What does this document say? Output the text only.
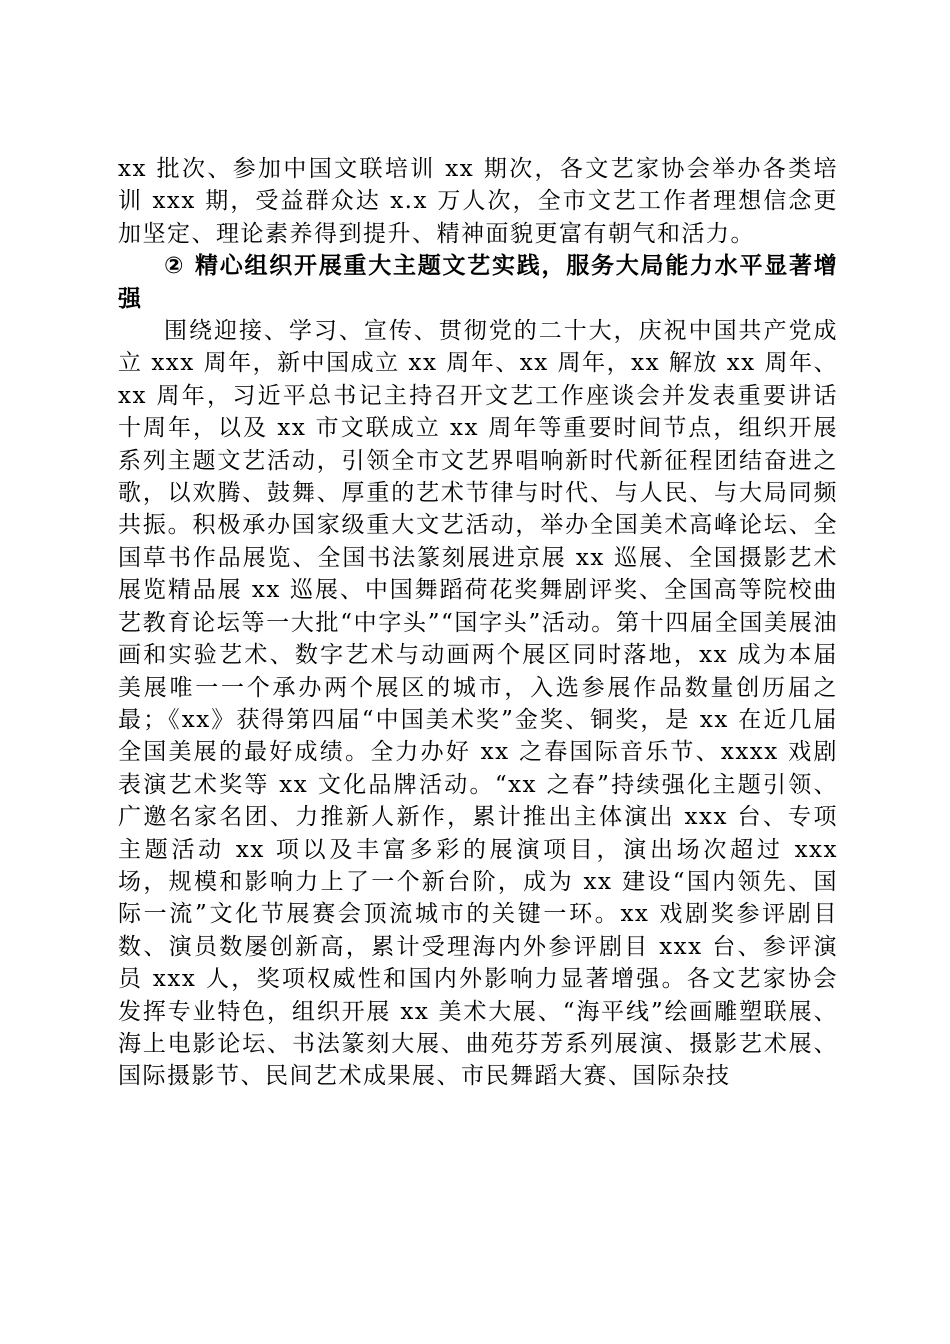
xx 批次、参加中国文联培训 xx 期次，各文艺家协会举办各类培训 xxx 期，受益群众达 x.x 万人次，全市文艺工作者理想信念更加坚定、理论素养得到提升、精神面貌更富有朝气和活力。

② 精心组织开展重大主题文艺实践，服务大局能力水平显著增强

围绕迎接、学习、宣传、贯彻党的二十大，庆祝中国共产党成立 xxx 周年，新中国成立 xx 周年、xx 周年，xx 解放 xx 周年、xx 周年，习近平总书记主持召开文艺工作座谈会并发表重要讲话十周年，以及 xx 市文联成立 xx 周年等重要时间节点，组织开展系列主题文艺活动，引领全市文艺界唱响新时代新征程团结奋进之歌，以欢腾、鼓舞、厚重的艺术节律与时代、与人民、与大局同频共振。积极承办国家级重大文艺活动，举办全国美术高峰论坛、全国草书作品展览、全国书法篆刻展进京展 xx 巡展、全国摄影艺术展览精品展 xx 巡展、中国舞蹈荷花奖舞剧评奖、全国高等院校曲艺教育论坛等一大批“中字头”“国字头”活动。第十四届全国美展油画和实验艺术、数字艺术与动画两个展区同时落地，xx 成为本届美展唯一一个承办两个展区的城市，入选参展作品数量创历届之最；《xx》获得第四届“中国美术奖”金奖、铜奖，是 xx 在近几届全国美展的最好成绩。全力办好 xx 之春国际音乐节、xxxx 戏剧表演艺术奖等 xx 文化品牌活动。“xx 之春”持续强化主题引领、广邀名家名团、力推新人新作，累计推出主体演出 xxx 台、专项主题活动 xx 项以及丰富多彩的展演项目，演出场次超过 xxx 场，规模和影响力上了一个新台阶，成为 xx 建设“国内领先、国际一流”文化节展赛会顶流城市的关键一环。xx 戏剧奖参评剧目数、演员数屡创新高，累计受理海内外参评剧目 xxx 台、参评演员 xxx 人，奖项权威性和国内外影响力显著增强。各文艺家协会发挥专业特色，组织开展 xx 美术大展、“海平线”绘画雕塑联展、海上电影论坛、书法篆刻大展、曲苑芬芳系列展演、摄影艺术展、国际摄影节、民间艺术成果展、市民舞蹈大赛、国际杂技
